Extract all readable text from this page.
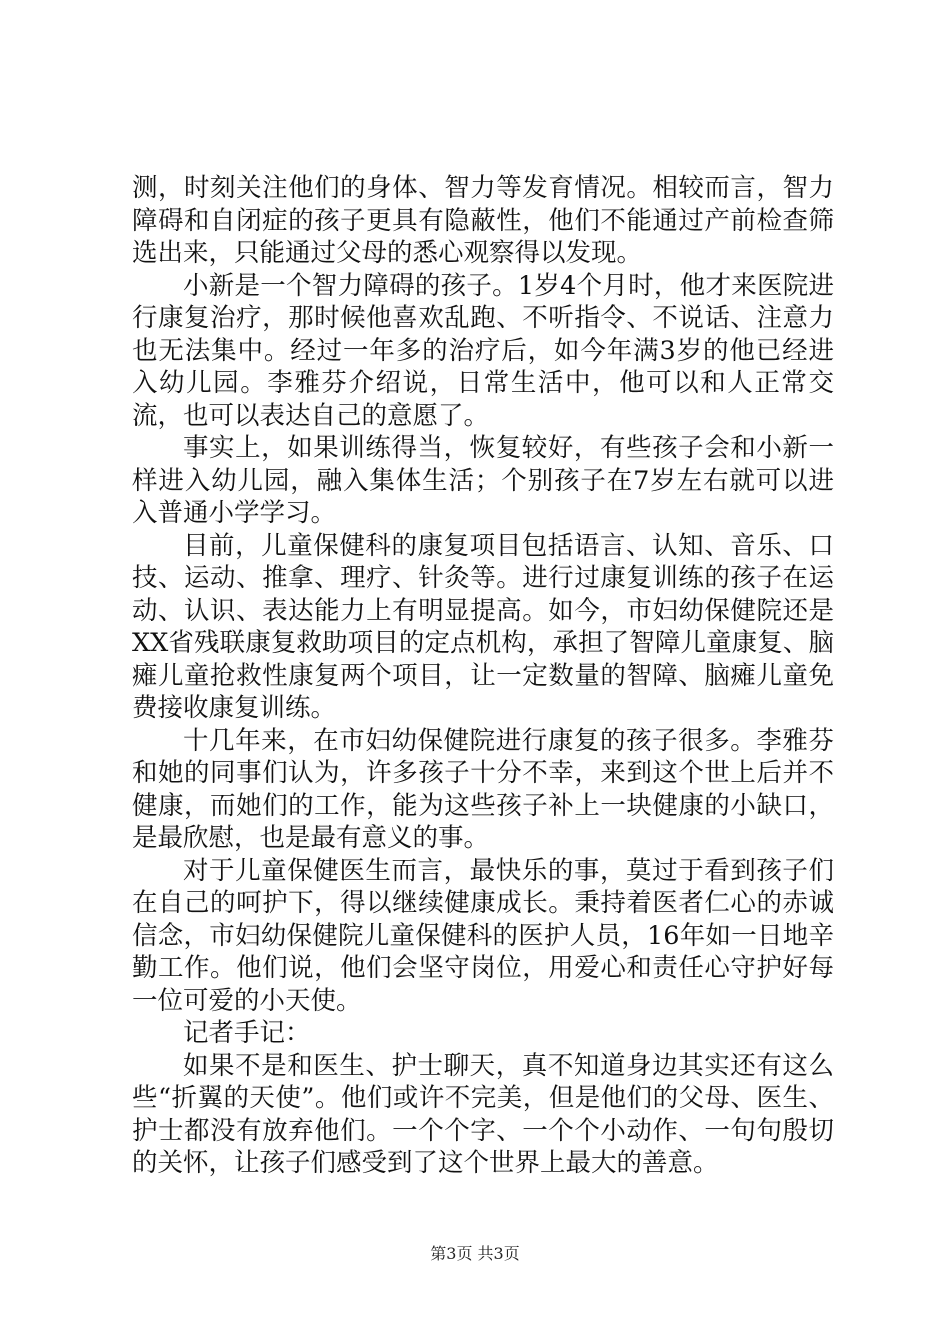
测，时刻关注他们的身体、智力等发育情况。相较而言，智力障碍和自闭症的孩子更具有隐蔽性，他们不能通过产前检查筛选出来，只能通过父母的悉心观察得以发现。

小新是一个智力障碍的孩子。1岁4个月时，他才来医院进行康复治疗，那时候他喜欢乱跑、不听指令、不说话、注意力也无法集中。经过一年多的治疗后，如今年满3岁的他已经进入幼儿园。李雅芬介绍说，日常生活中，他可以和人正常交流，也可以表达自己的意愿了。

事实上，如果训练得当，恢复较好，有些孩子会和小新一样进入幼儿园，融入集体生活；个别孩子在7岁左右就可以进入普通小学学习。

目前，儿童保健科的康复项目包括语言、认知、音乐、口技、运动、推拿、理疗、针灸等。进行过康复训练的孩子在运动、认识、表达能力上有明显提高。如今，市妇幼保健院还是XX省残联康复救助项目的定点机构，承担了智障儿童康复、脑瘫儿童抢救性康复两个项目，让一定数量的智障、脑瘫儿童免费接收康复训练。

十几年来，在市妇幼保健院进行康复的孩子很多。李雅芬和她的同事们认为，许多孩子十分不幸，来到这个世上后并不健康，而她们的工作，能为这些孩子补上一块健康的小缺口，是最欣慰，也是最有意义的事。

对于儿童保健医生而言，最快乐的事，莫过于看到孩子们在自己的呵护下，得以继续健康成长。秉持着医者仁心的赤诚信念，市妇幼保健院儿童保健科的医护人员，16年如一日地辛勤工作。他们说，他们会坚守岗位，用爱心和责任心守护好每一位可爱的小天使。

记者手记：

如果不是和医生、护士聊天，真不知道身边其实还有这么些“折翼的天使”。他们或许不完美，但是他们的父母、医生、护士都没有放弃他们。一个个字、一个个小动作、一句句殷切的关怀，让孩子们感受到了这个世界上最大的善意。

第3页 共3页
